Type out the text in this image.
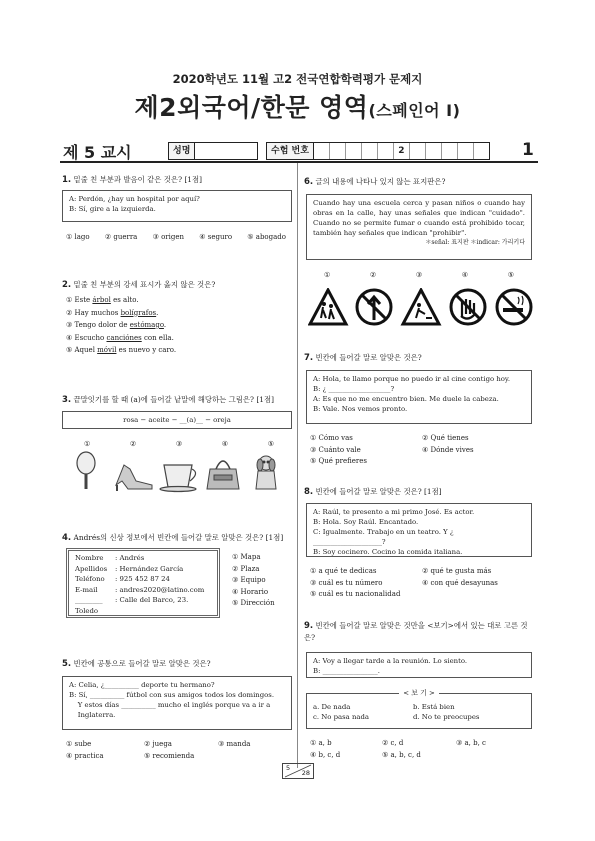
2020학년도 11월 고2 전국연합학력평가 문제지
제2외국어/한문 영역(스페인어 Ⅰ)
제 5 교시	성명	수험 번호	2	1
1. 밑줄 친 부분과 발음이 같은 것은? [1점]
A: Perdón, ¿hay un hospital por aquí?
B: Sí, gire a la izquierda.
① lago ② guerra ③ origen ④ seguro ⑤ abogado
2. 밑줄 친 부분의 강세 표시가 옳지 않은 것은?
① Este árbol es alto.
② Hay muchos bolígrafos.
③ Tengo dolor de estómago.
④ Escucho canciónes con ella.
⑤ Aquel móvil es nuevo y caro.
3. 끝말잇기를 할 때 (a)에 들어갈 낱말에 해당하는 그림은? [1점]
rosa − aceite − __(a)__ − oreja
①	②	③	④	⑤
4. Andrés의 신상 정보에서 빈칸에 들어갈 말로 알맞은 것은? [1점]
Nombre : Andrés
Apellidos : Hernández García
Teléfono : 925 452 87 24
E-mail	: andres2020@latino.com
________ : Calle del Barco, 23. Toledo
① Mapa
② Plaza
③ Equipo
④ Horario
⑤ Dirección
5. 빈칸에 공통으로 들어갈 말로 알맞은 것은?
A: Celia, ¿__________ deporte tu hermano?
B: Sí, __________ fútbol con sus amigos todos los domingos.
Y estos días __________ mucho el inglés porque va a ir a
Inglaterra.
① sube	② juega	③ manda
④ practica	⑤ recomienda
6. 글의 내용에 나타나 있지 않는 표지판은?
Cuando hay una escuela cerca y pasan niños o cuando hay obras en la calle, hay unas señales que indican "cuidado". Cuando no se permite fumar o cuando está prohibido tocar, también hay señales que indican "prohibir".
＊señal: 표지판 ＊indicar: 가리키다
①	②	③	④	⑤
7. 빈칸에 들어갈 말로 알맞은 것은?
A: Hola, te llamo porque no puedo ir al cine contigo hoy.
B: ¿ __________________?
A: Es que no me encuentro bien. Me duele la cabeza.
B: Vale. Nos vemos pronto.
① Cómo vas	② Qué tienes
③ Cuánto vale	④ Dónde vives
⑤ Qué prefieres
8. 빈칸에 들어갈 말로 알맞은 것은? [1점]
A: Raúl, te presento a mi primo José. Es actor.
B: Hola. Soy Raúl. Encantado.
C: Igualmente. Trabajo en un teatro. Y ¿ ____________________?
B: Soy cocinero. Cocino la comida italiana.
① a qué te dedicas	② qué te gusta más
③ cuál es tu número	④ con qué desayunas
⑤ cuál es tu nacionalidad
9. 빈칸에 들어갈 말로 알맞은 것만을 <보기>에서 있는 대로 고른 것은?
A: Voy a llegar tarde a la reunión. Lo siento.
B: ________________.
< 보 기 >
a. De nada	b. Está bien
c. No pasa nada	d. No te preocupes
① a, b	② c, d	③ a, b, c
④ b, c, d	⑤ a, b, c, d
5
28
